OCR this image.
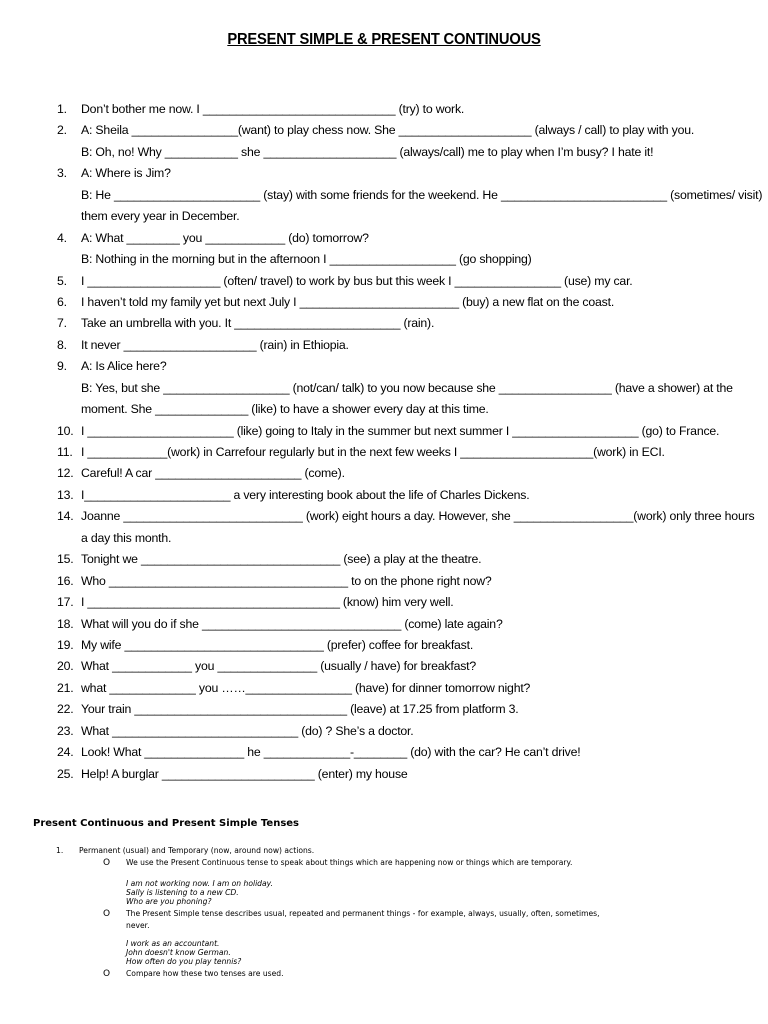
PRESENT SIMPLE & PRESENT CONTINUOUS
1.	Don’t bother me now. I _____________________________ (try) to work.
2.	A: Sheila ________________(want) to play chess now. She ____________________ (always / call) to play with you.
B: Oh, no! Why ___________ she ____________________ (always/call) me to play when I’m busy? I hate it!
3.	A: Where is Jim?
B: He ______________________ (stay) with some friends for the weekend. He _________________________ (sometimes/ visit)
them every year in December.
4.	A: What ________ you ____________ (do) tomorrow?
B: Nothing in the morning but in the afternoon I ___________________ (go shopping)
5.	I ____________________ (often/ travel) to work by bus but this week I ________________ (use) my car.
6.	I haven’t told my family yet but next July I ________________________ (buy) a new flat on the coast.
7.	Take an umbrella with you. It _________________________ (rain).
8.	It never ____________________ (rain) in Ethiopia.
9.	A: Is Alice here?
B: Yes, but she ___________________ (not/can/ talk) to you now because she _________________ (have a shower) at the
moment. She ______________ (like) to have a shower every day at this time.
10. I ______________________ (like) going to Italy in the summer but next summer I ___________________ (go) to France.
11. I ____________(work) in Carrefour regularly but in the next few weeks I ____________________(work) in ECI.
12. Careful! A car ______________________ (come).
13. I______________________ a very interesting book about the life of Charles Dickens.
14. Joanne ___________________________ (work) eight hours a day. However, she __________________(work) only three hours
a day this month.
15. Tonight we ______________________________ (see) a play at the theatre.
16. Who ____________________________________ to on the phone right now?
17. I ______________________________________ (know) him very well.
18. What will you do if she ______________________________ (come) late again?
19. My wife ______________________________ (prefer) coffee for breakfast.
20. What ____________ you _______________ (usually / have) for breakfast?
21. what _____________ you ……________________ (have) for dinner tomorrow night?
22. Your train ________________________________ (leave) at 17.25 from platform 3.
23. What ____________________________ (do) ? She’s a doctor.
24. Look! What _______________ he _____________-________ (do) with the car? He can’t drive!
25. Help! A burglar _______________________ (enter) my house
Present Continuous and Present Simple Tenses
1. Permanent (usual) and Temporary (now, around now) actions.
O We use the Present Continuous tense to speak about things which are happening now or things which are temporary.
I am not working now. I am on holiday.
Sally is listening to a new CD.
Who are you phoning?
O The Present Simple tense describes usual, repeated and permanent things - for example, always, usually, often, sometimes,
never.
I work as an accountant.
John doesn't know German.
How often do you play tennis?
O Compare how these two tenses are used.
